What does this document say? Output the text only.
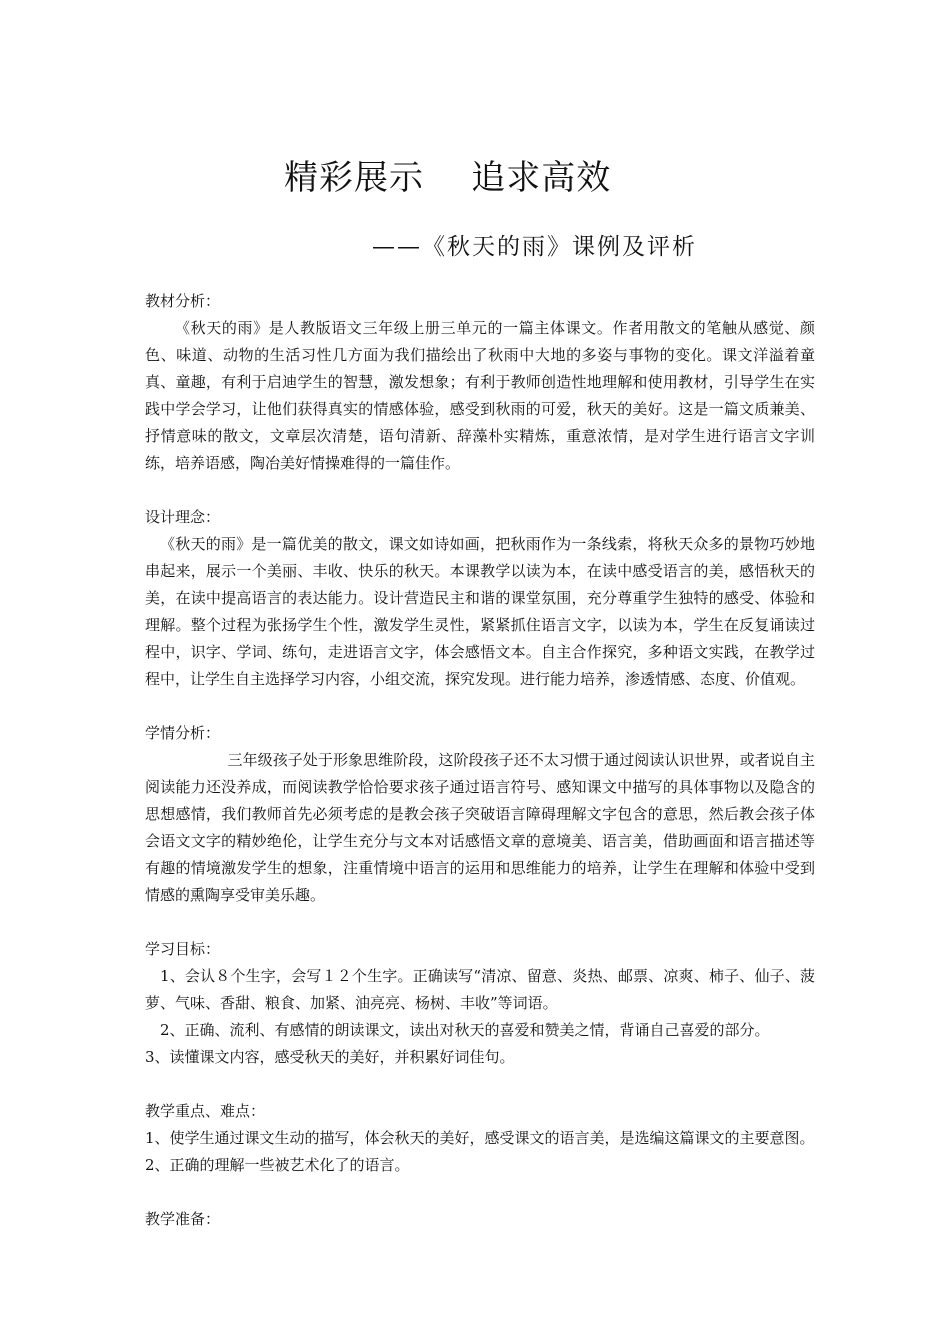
精彩展示    追求高效
——《秋天的雨》课例及评析

教材分析：

《秋天的雨》是人教版语文三年级上册三单元的一篇主体课文。作者用散文的笔触从感觉、颜色、味道、动物的生活习性几方面为我们描绘出了秋雨中大地的多姿与事物的变化。课文洋溢着童真、童趣，有利于启迪学生的智慧，激发想象；有利于教师创造性地理解和使用教材，引导学生在实践中学会学习，让他们获得真实的情感体验，感受到秋雨的可爱，秋天的美好。这是一篇文质兼美、抒情意味的散文，文章层次清楚，语句清新、辞藻朴实精炼，重意浓情，是对学生进行语言文字训练，培养语感，陶冶美好情操难得的一篇佳作。

设计理念：

《秋天的雨》是一篇优美的散文，课文如诗如画，把秋雨作为一条线索，将秋天众多的景物巧妙地串起来，展示一个美丽、丰收、快乐的秋天。本课教学以读为本，在读中感受语言的美，感悟秋天的美，在读中提高语言的表达能力。设计营造民主和谐的课堂氛围，充分尊重学生独特的感受、体验和理解。整个过程为张扬学生个性，激发学生灵性，紧紧抓住语言文字，以读为本，学生在反复诵读过程中，识字、学词、练句，走进语言文字，体会感悟文本。自主合作探究，多种语文实践，在教学过程中，让学生自主选择学习内容，小组交流，探究发现。进行能力培养，渗透情感、态度、价值观。

学情分析：

三年级孩子处于形象思维阶段，这阶段孩子还不太习惯于通过阅读认识世界，或者说自主阅读能力还没养成，而阅读教学恰恰要求孩子通过语言符号、感知课文中描写的具体事物以及隐含的思想感情，我们教师首先必须考虑的是教会孩子突破语言障碍理解文字包含的意思，然后教会孩子体会语文文字的精妙绝伦，让学生充分与文本对话感悟文章的意境美、语言美，借助画面和语言描述等有趣的情境激发学生的想象，注重情境中语言的运用和思维能力的培养，让学生在理解和体验中受到情感的熏陶享受审美乐趣。

学习目标：

1、会认８个生字，会写１２个生字。正确读写“清凉、留意、炎热、邮票、凉爽、柿子、仙子、菠萝、气味、香甜、粮食、加紧、油亮亮、杨树、丰收”等词语。

2、正确、流利、有感情的朗读课文，读出对秋天的喜爱和赞美之情，背诵自己喜爱的部分。

3、读懂课文内容，感受秋天的美好，并积累好词佳句。

教学重点、难点：

1、使学生通过课文生动的描写，体会秋天的美好，感受课文的语言美，是选编这篇课文的主要意图。

2、正确的理解一些被艺术化了的语言。

教学准备：
